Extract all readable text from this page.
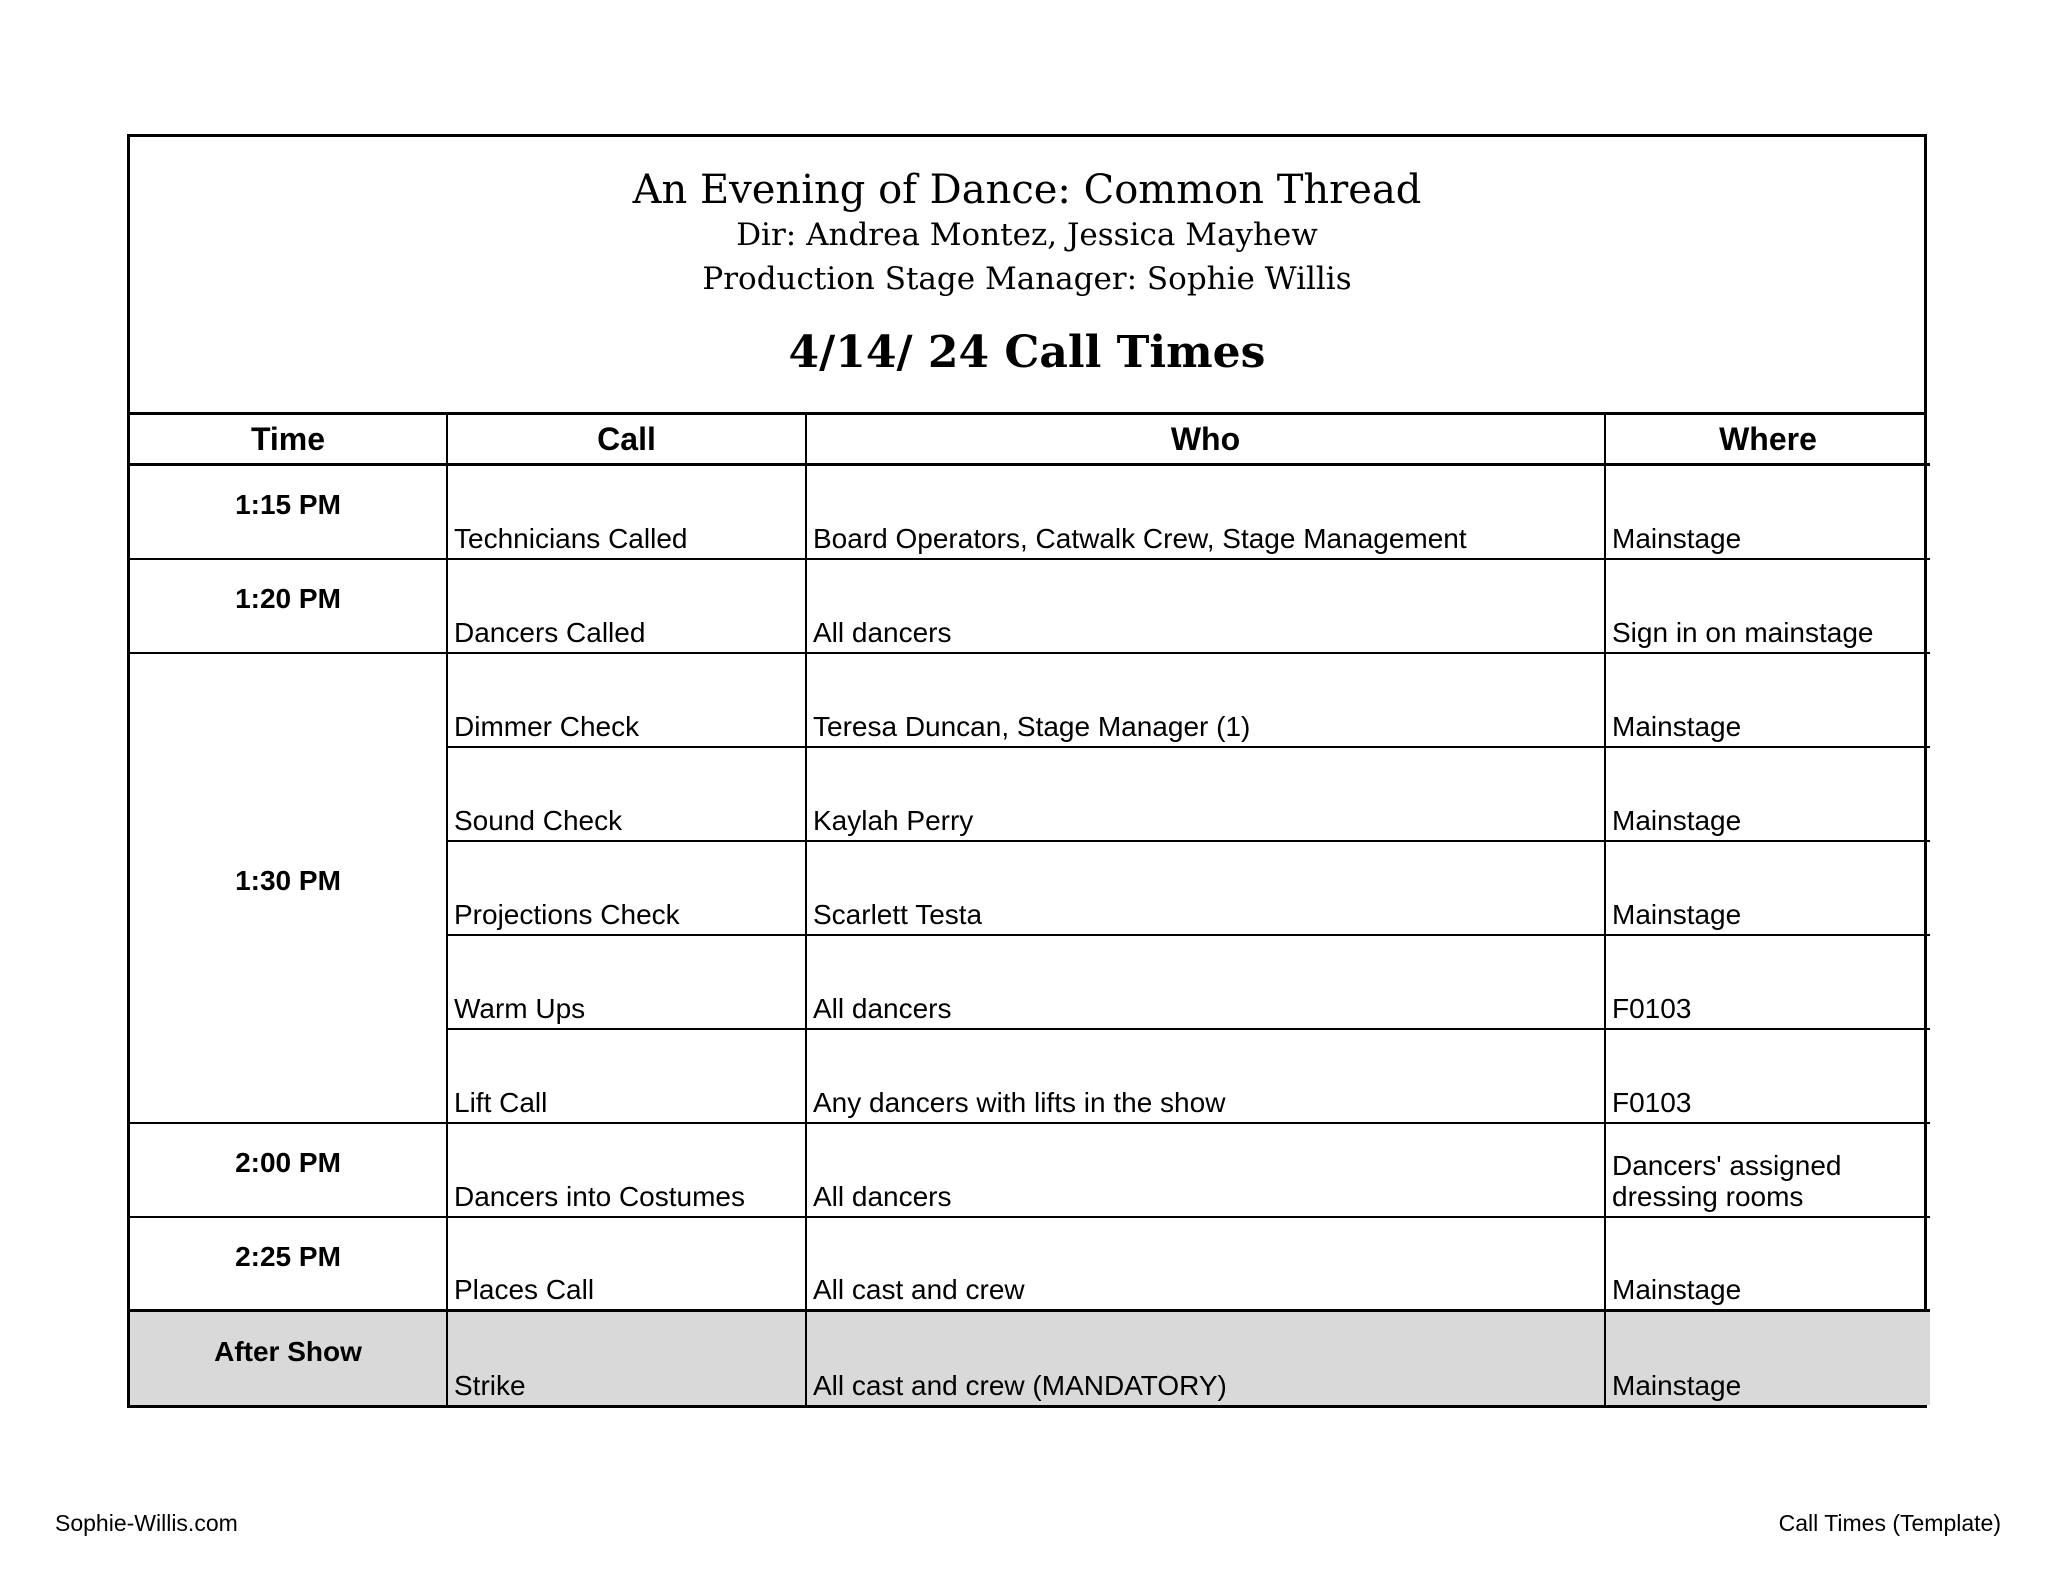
An Evening of Dance: Common Thread
Dir: Andrea Montez, Jessica Mayhew
Production Stage Manager: Sophie Willis
4/14/ 24 Call Times
Time	Call	Who	Where
1:15 PM	Technicians Called	Board Operators, Catwalk Crew, Stage Management	Mainstage
1:20 PM	Dancers Called	All dancers	Sign in on mainstage
1:30 PM	Dimmer Check	Teresa Duncan, Stage Manager (1)	Mainstage
	Sound Check	Kaylah Perry	Mainstage
	Projections Check	Scarlett Testa	Mainstage
	Warm Ups	All dancers	F0103
	Lift Call	Any dancers with lifts in the show	F0103
2:00 PM	Dancers into Costumes	All dancers	Dancers' assigned dressing rooms
2:25 PM	Places Call	All cast and crew	Mainstage
After Show	Strike	All cast and crew (MANDATORY)	Mainstage
Sophie-Willis.com	Call Times (Template)
